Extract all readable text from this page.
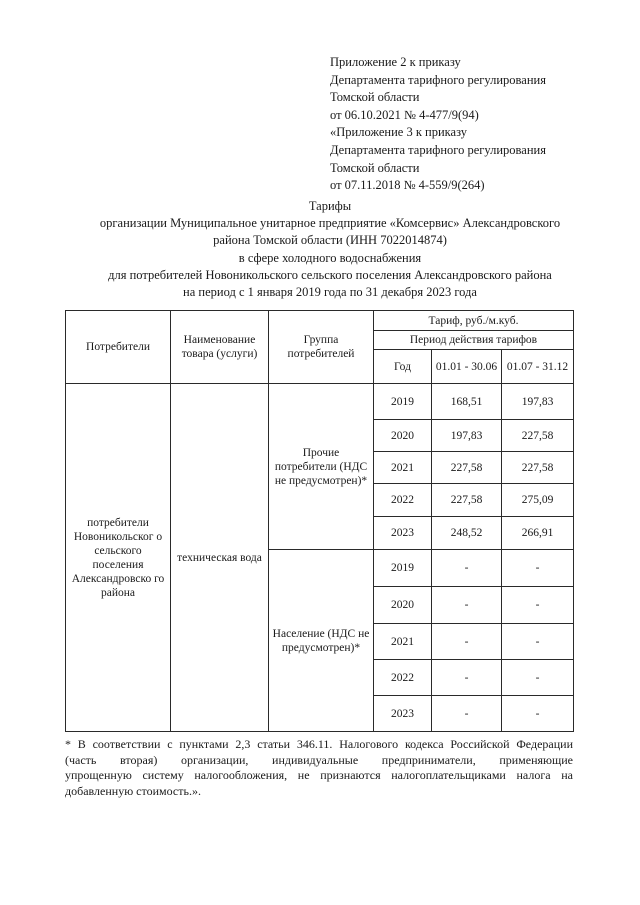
Приложение 2 к приказу
Департамента тарифного регулирования
Томской области
от 06.10.2021 № 4-477/9(94)
«Приложение 3 к приказу
Департамента тарифного регулирования
Томской области
от 07.11.2018 № 4-559/9(264)
Тарифы
организации Муниципальное унитарное предприятие «Комсервис» Александровского
района Томской области (ИНН 7022014874)
в сфере холодного водоснабжения
для потребителей Новоникольского сельского поселения Александровского района
на период с 1 января 2019 года по 31 декабря 2023 года
Потребители	Наименование товара (услуги)	Группа потребителей	Тариф, руб./м.куб.		
			Период действия тарифов		
			Год	01.01 - 30.06	01.07 - 31.12
потребители Новоникольског о сельского поселения Александровско го района	техническая вода	Прочие потребители (НДС не предусмотрен)*	2019	168,51	197,83
			2020	197,83	227,58
			2021	227,58	227,58
			2022	227,58	275,09
			2023	248,52	266,91
		Население (НДС не предусмотрен)*	2019	-	-
			2020	-	-
			2021	-	-
			2022	-	-
			2023	-	-
* В соответствии с пунктами 2,3 статьи 346.11. Налогового кодекса Российской Федерации
(часть вторая) организации, индивидуальные предприниматели, применяющие
упрощенную систему налогообложения, не признаются налогоплательщиками налога на
добавленную стоимость.».
